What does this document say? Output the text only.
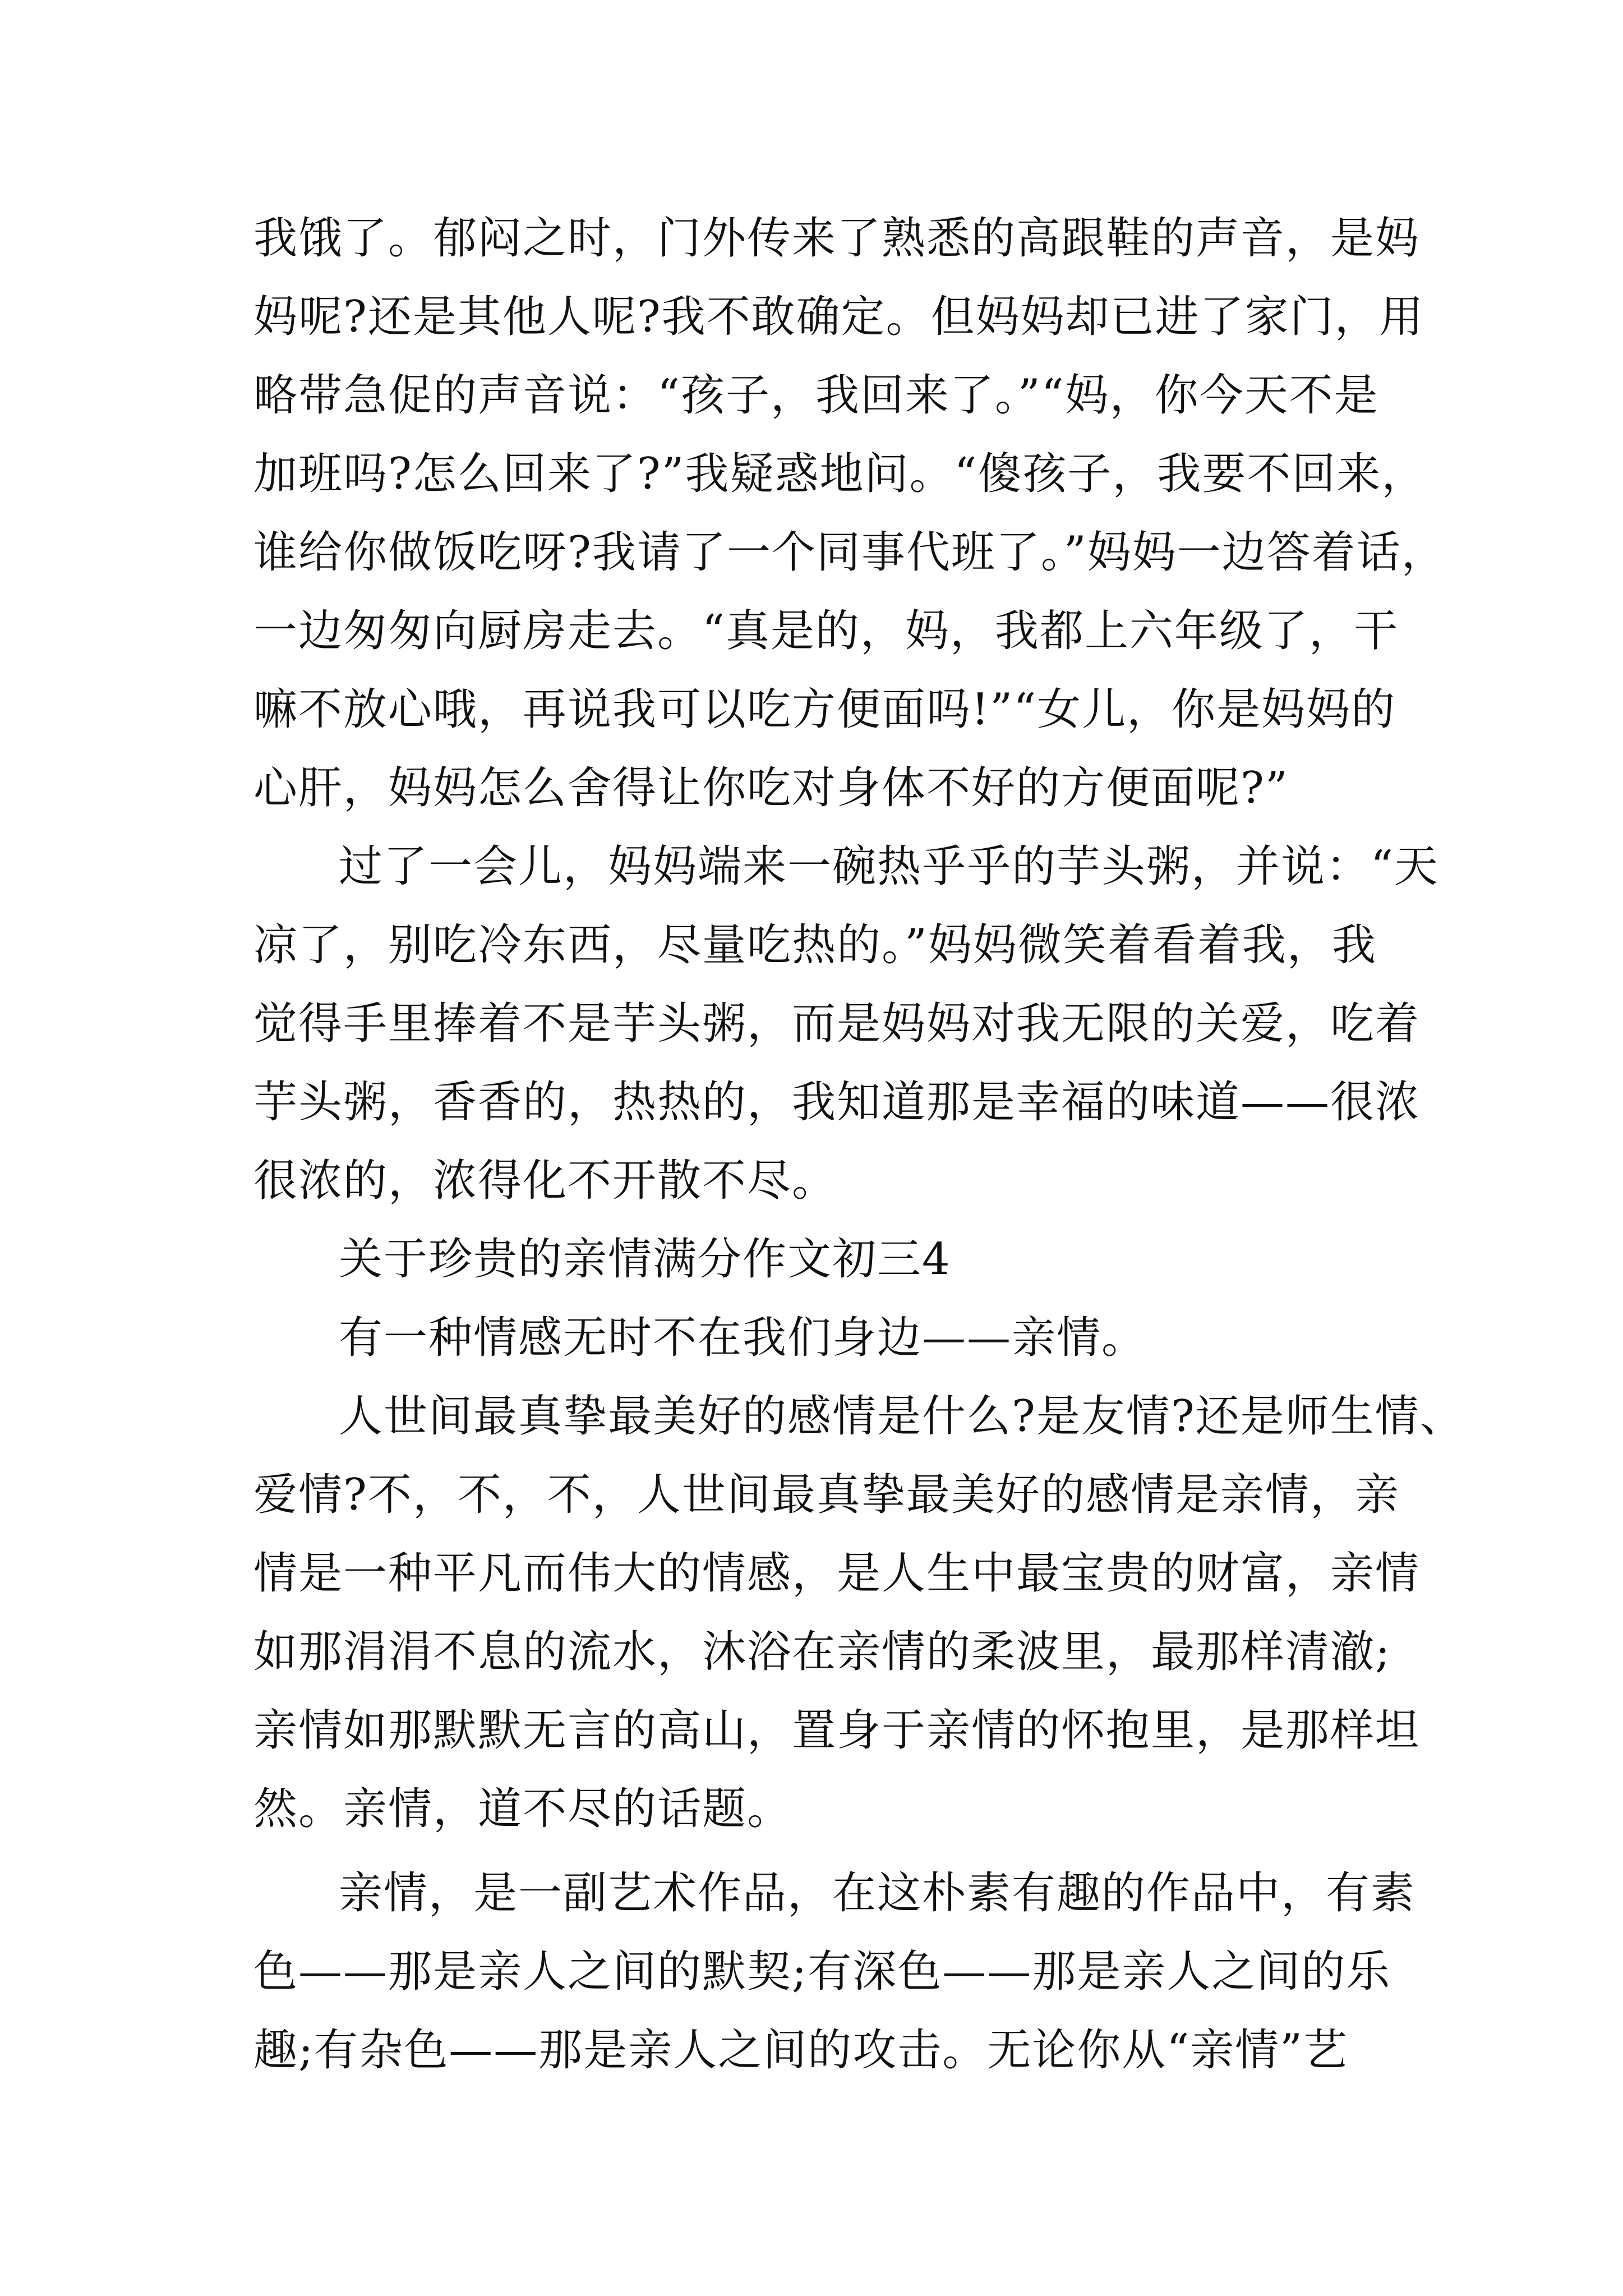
我饿了。郁闷之时，门外传来了熟悉的高跟鞋的声音，是妈
妈呢?还是其他人呢?我不敢确定。但妈妈却已进了家门，用
略带急促的声音说：“孩子，我回来了。”“妈，你今天不是
加班吗?怎么回来了?”我疑惑地问。“傻孩子，我要不回来，
谁给你做饭吃呀?我请了一个同事代班了。”妈妈一边答着话，
一边匆匆向厨房走去。“真是的，妈，我都上六年级了，干
嘛不放心哦，再说我可以吃方便面吗!”“女儿，你是妈妈的
心肝，妈妈怎么舍得让你吃对身体不好的方便面呢?”
过了一会儿，妈妈端来一碗热乎乎的芋头粥，并说：“天
凉了，别吃冷东西，尽量吃热的。”妈妈微笑着看着我，我
觉得手里捧着不是芋头粥，而是妈妈对我无限的关爱，吃着
芋头粥，香香的，热热的，我知道那是幸福的味道——很浓
很浓的，浓得化不开散不尽。
关于珍贵的亲情满分作文初三4
有一种情感无时不在我们身边——亲情。
人世间最真挚最美好的感情是什么?是友情?还是师生情、
爱情?不，不，不，人世间最真挚最美好的感情是亲情，亲
情是一种平凡而伟大的情感，是人生中最宝贵的财富，亲情
如那涓涓不息的流水，沐浴在亲情的柔波里，最那样清澈;
亲情如那默默无言的高山，置身于亲情的怀抱里，是那样坦
然。亲情，道不尽的话题。
亲情，是一副艺术作品，在这朴素有趣的作品中，有素
色——那是亲人之间的默契;有深色——那是亲人之间的乐
趣;有杂色——那是亲人之间的攻击。无论你从“亲情”艺
